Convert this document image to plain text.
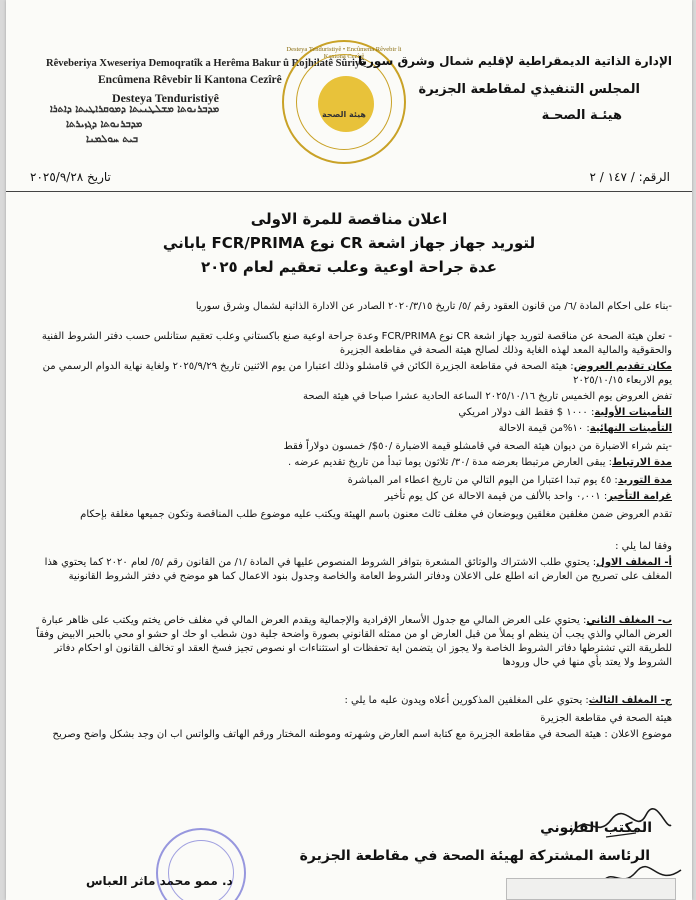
Rêveberiya Xweseriya Demoqratîk a Herêma Bakur û Rojhilatê Sûriyê
Encûmena Rêvebir li Kantona Cezîrê
Desteya Tenduristiyê
ܡܕܒܪܢܘܬܐ ܡܫܠܛܢܝܬܐ ܕܡܘܩܪܐܛܝܬܐ ܕܐܬܪܐ
ܡܕܒܪܢܘܬܐ ܕܓܙܝܪܬܐ
ܒܝܬ ܚܘܠܡܢܐ
Desteya Tenduristiyê • Encûmena Rêvebir li Kantona Cezîrê
هيئة الصحة
الإدارة الذاتية الديمقراطية لإقليم شمال وشرق سوريا
المجلس التنفيذي لمقاطعة الجزيرة
هيئـة الصحـة
الرقم: / ١٤٧ / ٢
تاريخ ٢٠٢٥/٩/٢٨
اعلان مناقصة للمرة الاولى
لتوريد جهاز جهاز اشعة CR نوع FCR/PRIMA ياباني
عدة جراحة اوعية وعلب تعقيم لعام ٢٠٢٥
-بناء على احكام المادة /٦/ من قانون العقود رقم /٥/ تاريخ ٢٠٢٠/٣/١٥ الصادر عن الادارة الذاتية لشمال وشرق سوريا
- تعلن هيئة الصحة عن مناقصة لتوريد جهاز اشعة CR نوع FCR/PRIMA وعدة جراحة اوعية صنع باكستاني وعلب تعقيم ستانلس حسب دفتر الشروط الفنية والحقوقية والمالية المعد لهذه الغاية وذلك لصالح هيئة الصحة في مقاطعة الجزيرة
مكان تقديم العروض: هيئة الصحة في مقاطعة الجزيرة الكائن في قامشلو وذلك اعتبارا من يوم الاثنين تاريخ ٢٠٢٥/٩/٢٩ ولغاية نهاية الدوام الرسمي من يوم الاربعاء ٢٠٢٥/١٠/١٥
تفض العروض يوم الخميس تاريخ ٢٠٢٥/١٠/١٦ الساعة الحادية عشرا صباحا في هيئة الصحة
التأمينات الأولية: ١٠٠٠ $ فقط الف دولار امريكي
التأمينات النهائية: ١٠%من قيمة الاحالة
-يتم شراء الاضبارة من ديوان هيئة الصحة في قامشلو قيمة الاضبارة /٥٠$/ خمسون دولاراً فقط
مدة الارتباط: يبقى العارض مرتبطا بعرضه مدة /٣٠/ ثلاثون يوما تبدأ من تاريخ تقديم عرضه .
مدة التوريد: ٤٥ يوم تبدا اعتبارا من اليوم التالي من تاريخ اعطاء امر المباشرة
غرامة التأخير: ٠,٠٠١ واحد بالألف من قيمة الاحالة عن كل يوم تأخير
تقدم العروض ضمن مغلفين مغلقين ويوضعان في مغلف ثالث معنون باسم الهيئة ويكتب عليه موضوع طلب المناقصة وتكون جميعها مغلقة بإحكام
وفقا لما يلي :
أ- المغلف الاول: يحتوي طلب الاشتراك والوثائق المشعرة بتوافر الشروط المنصوص عليها في المادة /١/ من القانون رقم /٥/ لعام ٢٠٢٠ كما يحتوي هذا المغلف على تصريح من العارض انه اطلع على الاعلان ودفاتر الشروط العامة والخاصة وجدول بنود الاعمال كما هو موضح في دفتر الشروط القانونية
ب- المغلف الثاني: يحتوي على العرض المالي مع جدول الأسعار الإفرادية والإجمالية ويقدم العرض المالي في مغلف خاص يختم ويكتب على ظاهر عبارة العرض المالي والذي يجب أن ينظم او يملأ من قبل العارض او من ممثله القانوني بصورة واضحة جلية دون شطب او حك او حشو او محي بالحبر الابيض وفقاً للطريقة التي تشترطها دفاتر الشروط الخاصة ولا يجوز ان يتضمن اية تحفظات او استثناءات او نصوص تجيز فسخ العقد او تخالف القانون او احكام دفاتر الشروط ولا يعتد بأي منها في حال ورودها
ج- المغلف الثالث: يحتوي على المغلفين المذكورين أعلاه ويدون عليه ما يلي :
هيئة الصحة في مقاطعة الجزيرة
موضوع الاعلان : هيئة الصحة في مقاطعة الجزيرة مع كتابة اسم العارض وشهرته وموطنه المختار ورقم الهاتف والواتس اب ان وجد بشكل واضح وصريح
المكتب القانوني
الرئاسة المشتركة لهيئة الصحة في مقاطعة الجزيرة
د. ممو محمد ماثر العباس
